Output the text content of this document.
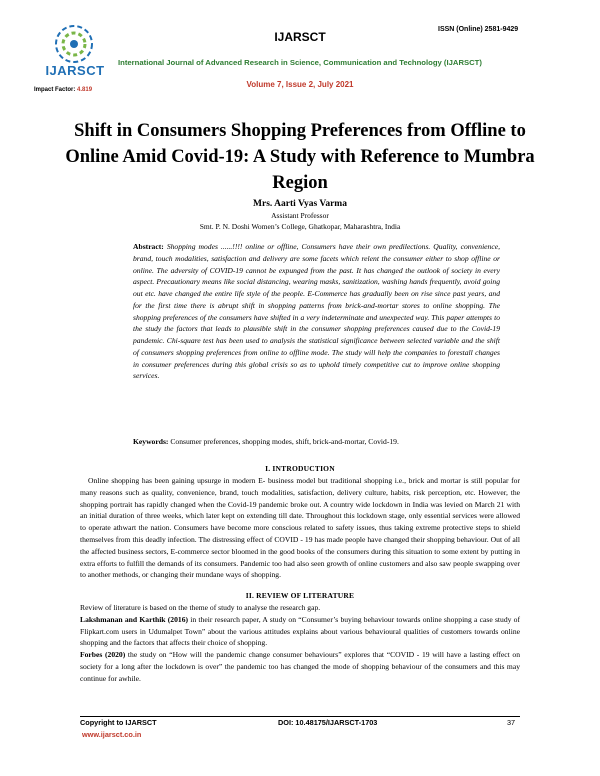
IJARSCT
IJARSCT
ISSN (Online) 2581-9429
International Journal of Advanced Research in Science, Communication and Technology (IJARSCT)
Volume 7, Issue 2, July 2021
Impact Factor: 4.819
Shift in Consumers Shopping Preferences from Offline to Online Amid Covid-19: A Study with Reference to Mumbra Region
Mrs. Aarti Vyas Varma
Assistant Professor
Smt. P. N. Doshi Women’s College, Ghatkopar, Maharashtra, India
Abstract: Shopping modes ......!!!! online or offline, Consumers have their own predilections. Quality, convenience, brand, touch modalities, satisfaction and delivery are some facets which relent the consumer either to shop offline or online. The adversity of COVID-19 cannot be expunged from the past. It has changed the outlook of society in every aspect. Precautionary means like social distancing, wearing masks, sanitization, washing hands frequently, avoid going out etc. have changed the entire life style of the people. E-Commerce has gradually been on rise since past years, and for the first time there is abrupt shift in shopping patterns from brick-and-mortar stores to online shopping. The shopping preferences of the consumers have shifted in a very indeterminate and unexpected way. This paper attempts to the study the factors that leads to plausible shift in the consumer shopping preferences caused due to the Covid-19 pandemic. Chi-square test has been used to analysis the statistical significance between selected variable and the shift of consumers shopping preferences from online to offline mode. The study will help the companies to forestall changes in consumer preferences during this global crisis so as to uphold timely competitive cut to improve online shopping services.
Keywords: Consumer preferences, shopping modes, shift, brick-and-mortar, Covid-19.
I. INTRODUCTION
Online shopping has been gaining upsurge in modern E- business model but traditional shopping i.e., brick and mortar is still popular for many reasons such as quality, convenience, brand, touch modalities, satisfaction, delivery culture, habits, risk perception, etc. However, the shopping portrait has rapidly changed when the Covid-19 pandemic broke out. A country wide lockdown in India was levied on March 21 with an initial duration of three weeks, which later kept on extending till date. Throughout this lockdown stage, only essential services were allowed to operate athwart the nation. Consumers have become more conscious related to safety issues, thus taking extreme protective steps to shield themselves from this deadly infection. The distressing effect of COVID - 19 has made people have changed their shopping behaviour. Out of all the affected business sectors, E-commerce sector bloomed in the good books of the consumers during this situation to some extent by putting in extra efforts to fulfill the demands of its consumers. Pandemic too had also seen growth of online customers and also saw people swapping over to another methods, or changing their mundane ways of shopping.
II. REVIEW OF LITERATURE

Review of literature is based on the theme of study to analyse the research gap.

Lakshmanan and Karthik (2016) in their research paper, A study on “Consumer’s buying behaviour towards online shopping a case study of Flipkart.com users in Udumalpet Town” about the various attitudes explains about various behavioural qualities of customers towards online shopping and the factors that affects their choice of shopping.

Forbes (2020) the study on “How will the pandemic change consumer behaviours” explores that “COVID - 19 will have a lasting effect on society for a long after the lockdown is over” the pandemic too has changed the mode of shopping behaviour of the consumers and this may continue for awhile.

Copyright to IJARSCT
www.ijarsct.co.in
DOI: 10.48175/IJARSCT-1703	37
